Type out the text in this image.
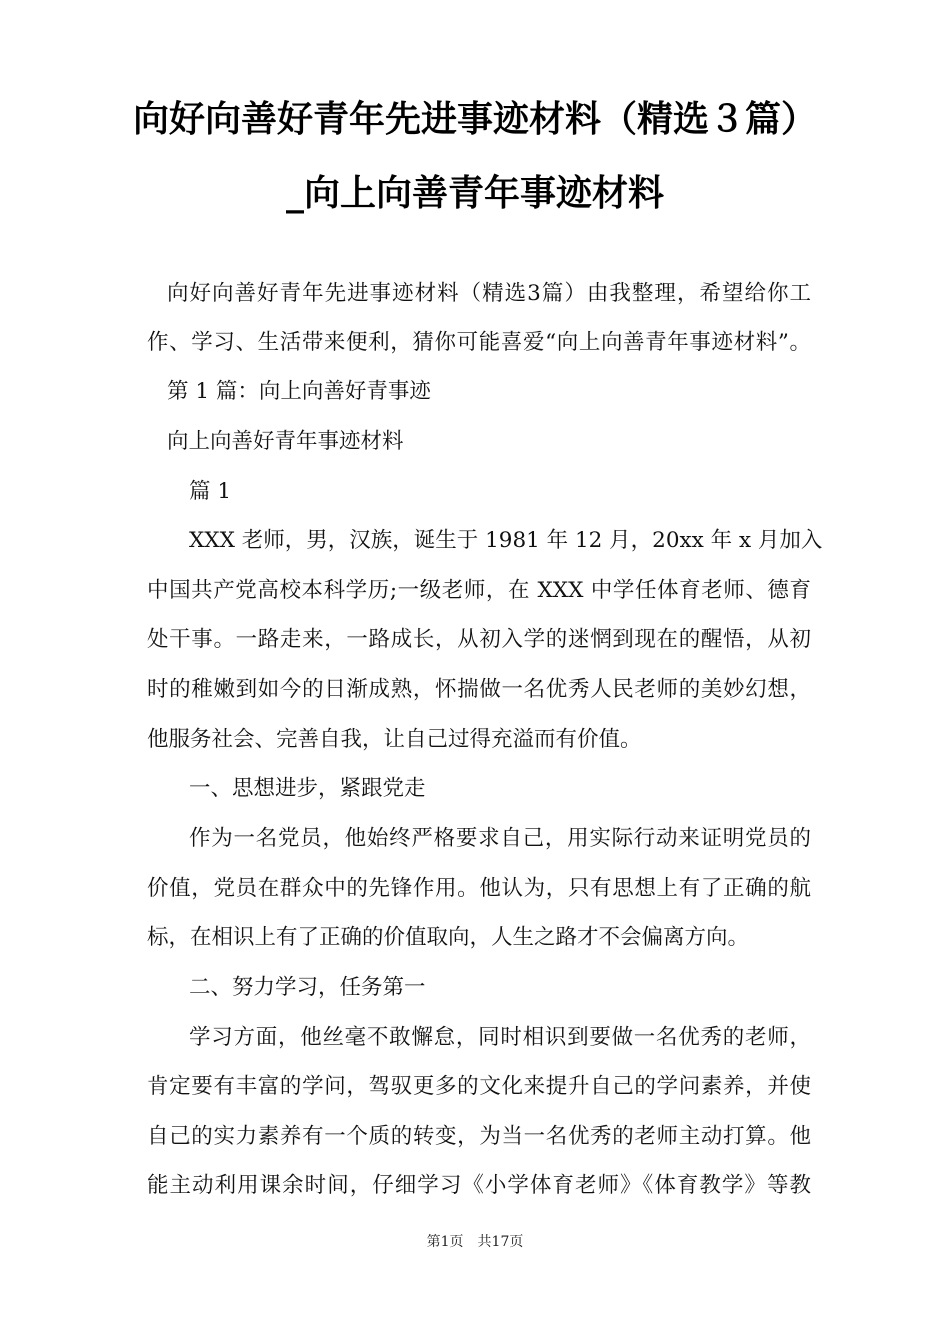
向好向善好青年先进事迹材料（精选３篇）
_向上向善青年事迹材料
向好向善好青年先进事迹材料（精选3篇）由我整理，希望给你工
作、学习、生活带来便利，猜你可能喜爱“向上向善青年事迹材料”。
第 1 篇：向上向善好青事迹
向上向善好青年事迹材料
篇 1
XXX 老师，男，汉族，诞生于 1981 年 12 月，20xx 年 x 月加入
中国共产党高校本科学历;一级老师，在 XXX 中学任体育老师、德育
处干事。一路走来，一路成长，从初入学的迷惘到现在的醒悟，从初
时的稚嫩到如今的日渐成熟，怀揣做一名优秀人民老师的美妙幻想，
他服务社会、完善自我，让自己过得充溢而有价值。
一、思想进步，紧跟党走
作为一名党员，他始终严格要求自己，用实际行动来证明党员的
价值，党员在群众中的先锋作用。他认为，只有思想上有了正确的航
标，在相识上有了正确的价值取向，人生之路才不会偏离方向。
二、努力学习，任务第一
学习方面，他丝毫不敢懈怠，同时相识到要做一名优秀的老师，
肯定要有丰富的学问，驾驭更多的文化来提升自己的学问素养，并使
自己的实力素养有一个质的转变，为当一名优秀的老师主动打算。他
能主动利用课余时间，仔细学习《小学体育老师》《体育教学》等教
第1页　共17页
